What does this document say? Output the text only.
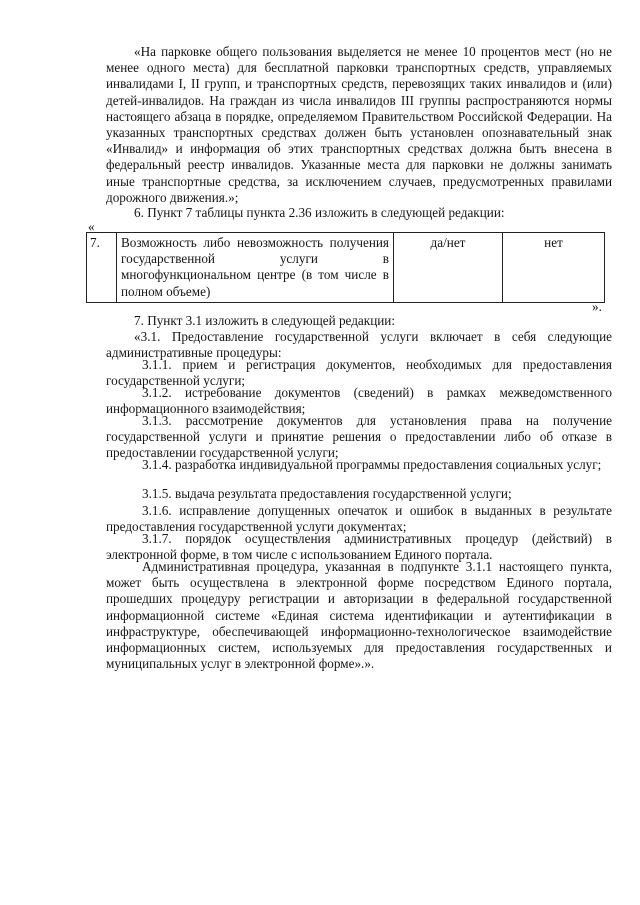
«На парковке общего пользования выделяется не менее 10 процентов мест (но не менее одного места) для бесплатной парковки транспортных средств, управляемых инвалидами I, II групп, и транспортных средств, перевозящих таких инвалидов и (или) детей-инвалидов. На граждан из числа инвалидов III группы распространяются нормы настоящего абзаца в порядке, определяемом Правительством Российской Федерации. На указанных транспортных средствах должен быть установлен опознавательный знак «Инвалид» и информация об этих транспортных средствах должна быть внесена в федеральный реестр инвалидов. Указанные места для парковки не должны занимать иные транспортные средства, за исключением случаев, предусмотренных правилами дорожного движения.»;

6. Пункт 7 таблицы пункта 2.36 изложить в следующей редакции:

«
7.	Возможность либо невозможность получения государственной услуги в многофункциональном центре (в том числе в полном объеме)	да/нет	нет
».

7. Пункт 3.1 изложить в следующей редакции:

«3.1. Предоставление государственной услуги включает в себя следующие административные процедуры:

3.1.1. прием и регистрация документов, необходимых для предоставления государственной услуги;

3.1.2. истребование документов (сведений) в рамках межведомственного информационного взаимодействия;

3.1.3. рассмотрение документов для установления права на получение государственной услуги и принятие решения о предоставлении либо об отказе в предоставлении государственной услуги;

3.1.4. разработка индивидуальной программы предоставления социальных услуг;

3.1.5. выдача результата предоставления государственной услуги;

3.1.6. исправление допущенных опечаток и ошибок в выданных в результате предоставления государственной услуги документах;

3.1.7. порядок осуществления административных процедур (действий) в электронной форме, в том числе с использованием Единого портала.

Административная процедура, указанная в подпункте 3.1.1 настоящего пункта, может быть осуществлена в электронной форме посредством Единого портала, прошедших процедуру регистрации и авторизации в федеральной государственной информационной системе «Единая система идентификации и аутентификации в инфраструктуре, обеспечивающей информационно-технологическое взаимодействие информационных систем, используемых для предоставления государственных и муниципальных услуг в электронной форме».».
